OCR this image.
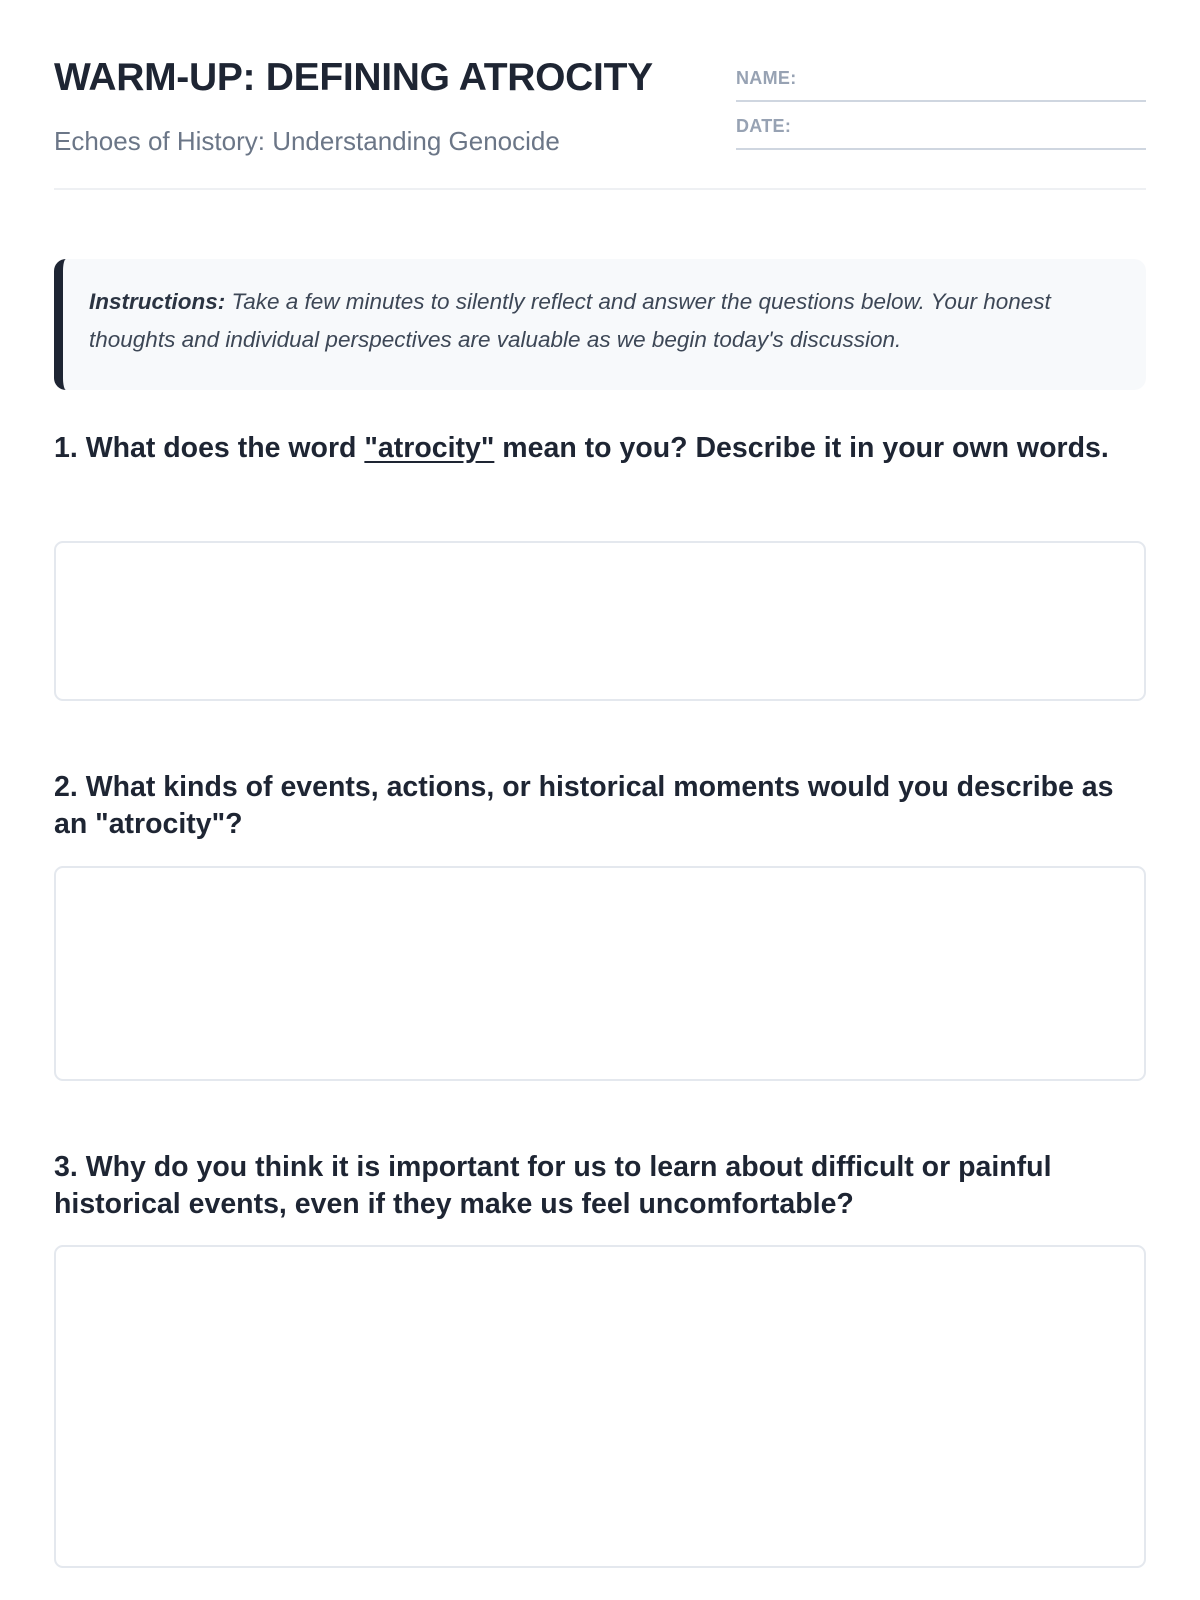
WARM-UP: DEFINING ATROCITY
Echoes of History: Understanding Genocide
NAME:
DATE:
Instructions: Take a few minutes to silently reflect and answer the questions below. Your honest thoughts and individual perspectives are valuable as we begin today's discussion.
1. What does the word "atrocity" mean to you? Describe it in your own words.
2. What kinds of events, actions, or historical moments would you describe as an "atrocity"?
3. Why do you think it is important for us to learn about difficult or painful historical events, even if they make us feel uncomfortable?
